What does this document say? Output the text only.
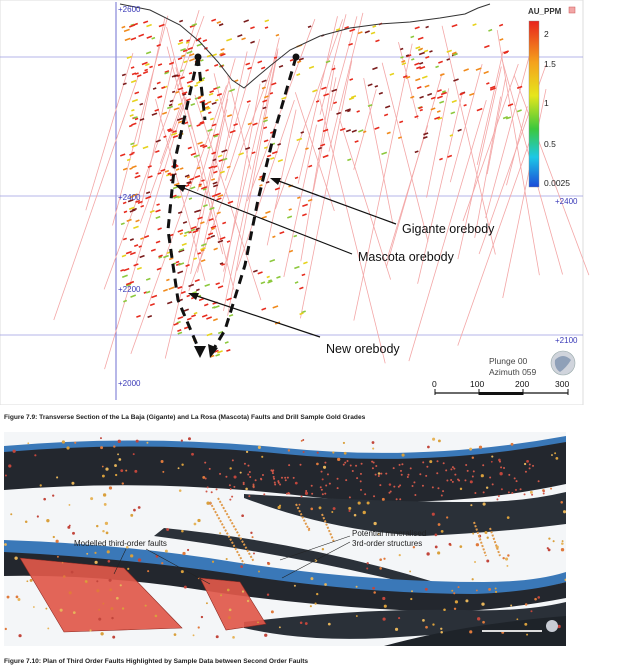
+2600
+2400
+2200
+2000
+2400
+2100
Gigante orebody
Mascota orebody
New orebody
AU_PPM
2
1.5
1
0.5
0.0025
Plunge 00
Azimuth 059
0	100	200	300
Figure 7.9: Transverse Section of the La Baja (Gigante) and La Rosa (Mascota) Faults and Drill Sample Gold Grades
Modelled third-order faults
Potential mineralised
3rd-order structures
Figure 7.10: Plan of Third Order Faults Highlighted by Sample Data between Second Order Faults
